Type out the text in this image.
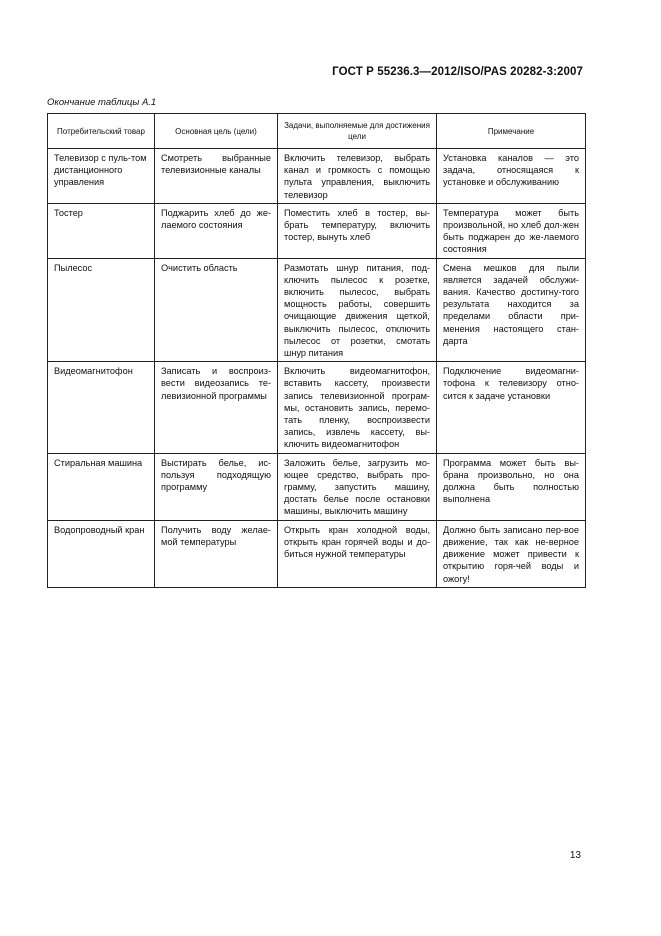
ГОСТ Р 55236.3—2012/ISO/PAS 20282-3:2007
Окончание таблицы А.1
Потребительский товар	Основная цель (цели)	Задачи, выполняемые для достижения цели	Примечание
Телевизор с пуль-том дистанционного управления	Смотреть выбранные телевизионные каналы	Включить телевизор, выбрать канал и громкость с помощью пульта управления, выключить телевизор	Установка каналов — это задача, относящаяся к установке и обслуживанию
Тостер	Поджарить хлеб до же-лаемого состояния	Поместить хлеб в тостер, вы-брать температуру, включить тостер, вынуть хлеб	Температура может быть произвольной, но хлеб дол-жен быть поджарен до же-лаемого состояния
Пылесос	Очистить область	Размотать шнур питания, под-ключить пылесос к розетке, включить пылесос, выбрать мощность работы, совершить очищающие движения щеткой, выключить пылесос, отключить пылесос от розетки, смотать шнур питания	Смена мешков для пыли является задачей обслужи-вания. Качество достигну-того результата находится за пределами области при-менения настоящего стан-дарта
Видеомагнитофон	Записать и воспроиз-вести видеозапись те-левизионной программы	Включить видеомагнитофон, вставить кассету, произвести запись телевизионной програм-мы, остановить запись, перемо-тать пленку, воспроизвести запись, извлечь кассету, вы-ключить видеомагнитофон	Подключение видеомагни-тофона к телевизору отно-сится к задаче установки
Стиральная машина	Выстирать белье, ис-пользуя подходящую программу	Заложить белье, загрузить мо-ющее средство, выбрать про-грамму, запустить машину, достать белье после остановки машины, выключить машину	Программа может быть вы-брана произвольно, но она должна быть полностью выполнена
Водопроводный кран	Получить воду желае-мой температуры	Открыть кран холодной воды, открыть кран горячей воды и до-биться нужной температуры	Должно быть записано пер-вое движение, так как не-верное движение может привести к открытию горя-чей воды и ожогу!
13
